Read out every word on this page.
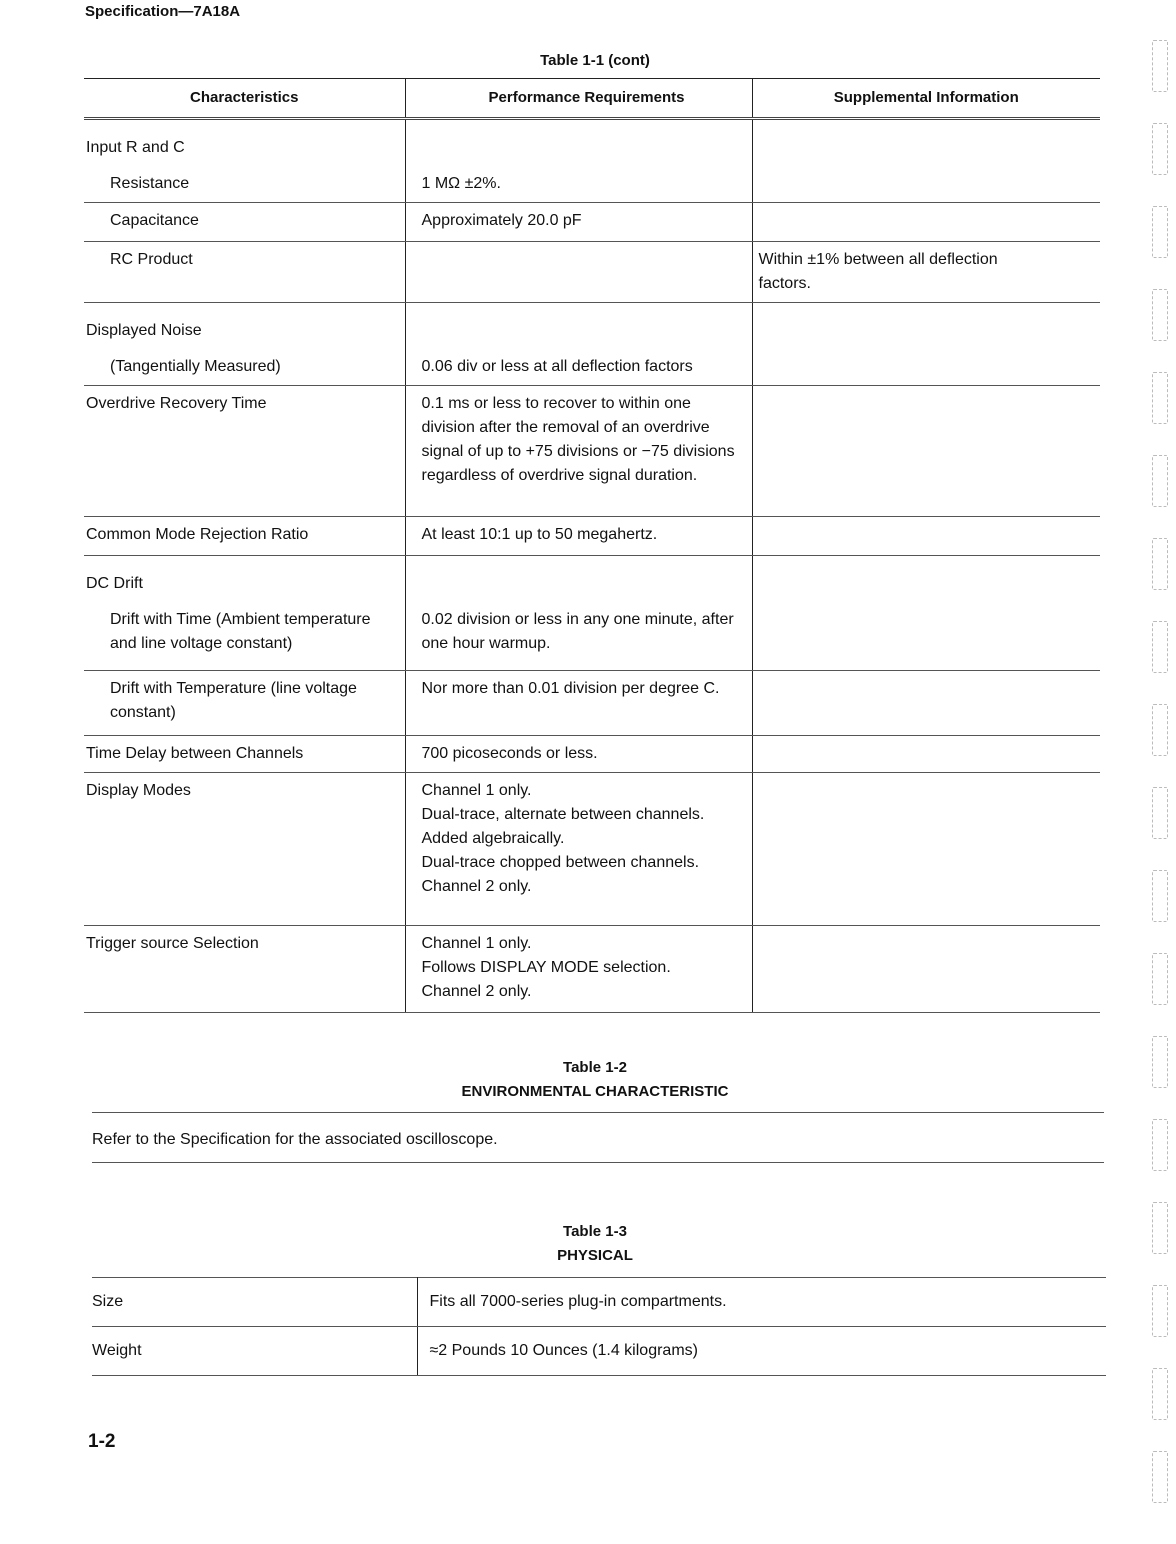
Specification—7A18A
Table 1-1 (cont)
Characteristics	Performance Requirements	Supplemental Information

Input R and C
Resistance	1 MΩ ±2%.	

Capacitance	Approximately 20.0 pF	

RC Product		Within ±1% between all deflection factors.

Displayed Noise
(Tangentially Measured)	0.06 div or less at all deflection factors	

Overdrive Recovery Time	0.1 ms or less to recover to within one division after the removal of an overdrive signal of up to +75 divisions or −75 divisions regardless of overdrive signal duration.	

Common Mode Rejection Ratio	At least 10:1 up to 50 megahertz.	

DC Drift
Drift with Time (Ambient temperature and line voltage constant)	0.02 division or less in any one minute, after one hour warmup.	

Drift with Temperature (line voltage constant)	Nor more than 0.01 division per degree C.	

Time Delay between Channels	700 picoseconds or less.	

Display Modes	Channel 1 only.
Dual-trace, alternate between channels.
Added algebraically.
Dual-trace chopped between channels.
Channel 2 only.	

Trigger source Selection	Channel 1 only.
Follows DISPLAY MODE selection.
Channel 2 only.	

Table 1-2
ENVIRONMENTAL CHARACTERISTIC
Refer to the Specification for the associated oscilloscope.
Table 1-3
PHYSICAL
Size	Fits all 7000-series plug-in compartments.
Weight	≈2 Pounds 10 Ounces (1.4 kilograms)
1-2
